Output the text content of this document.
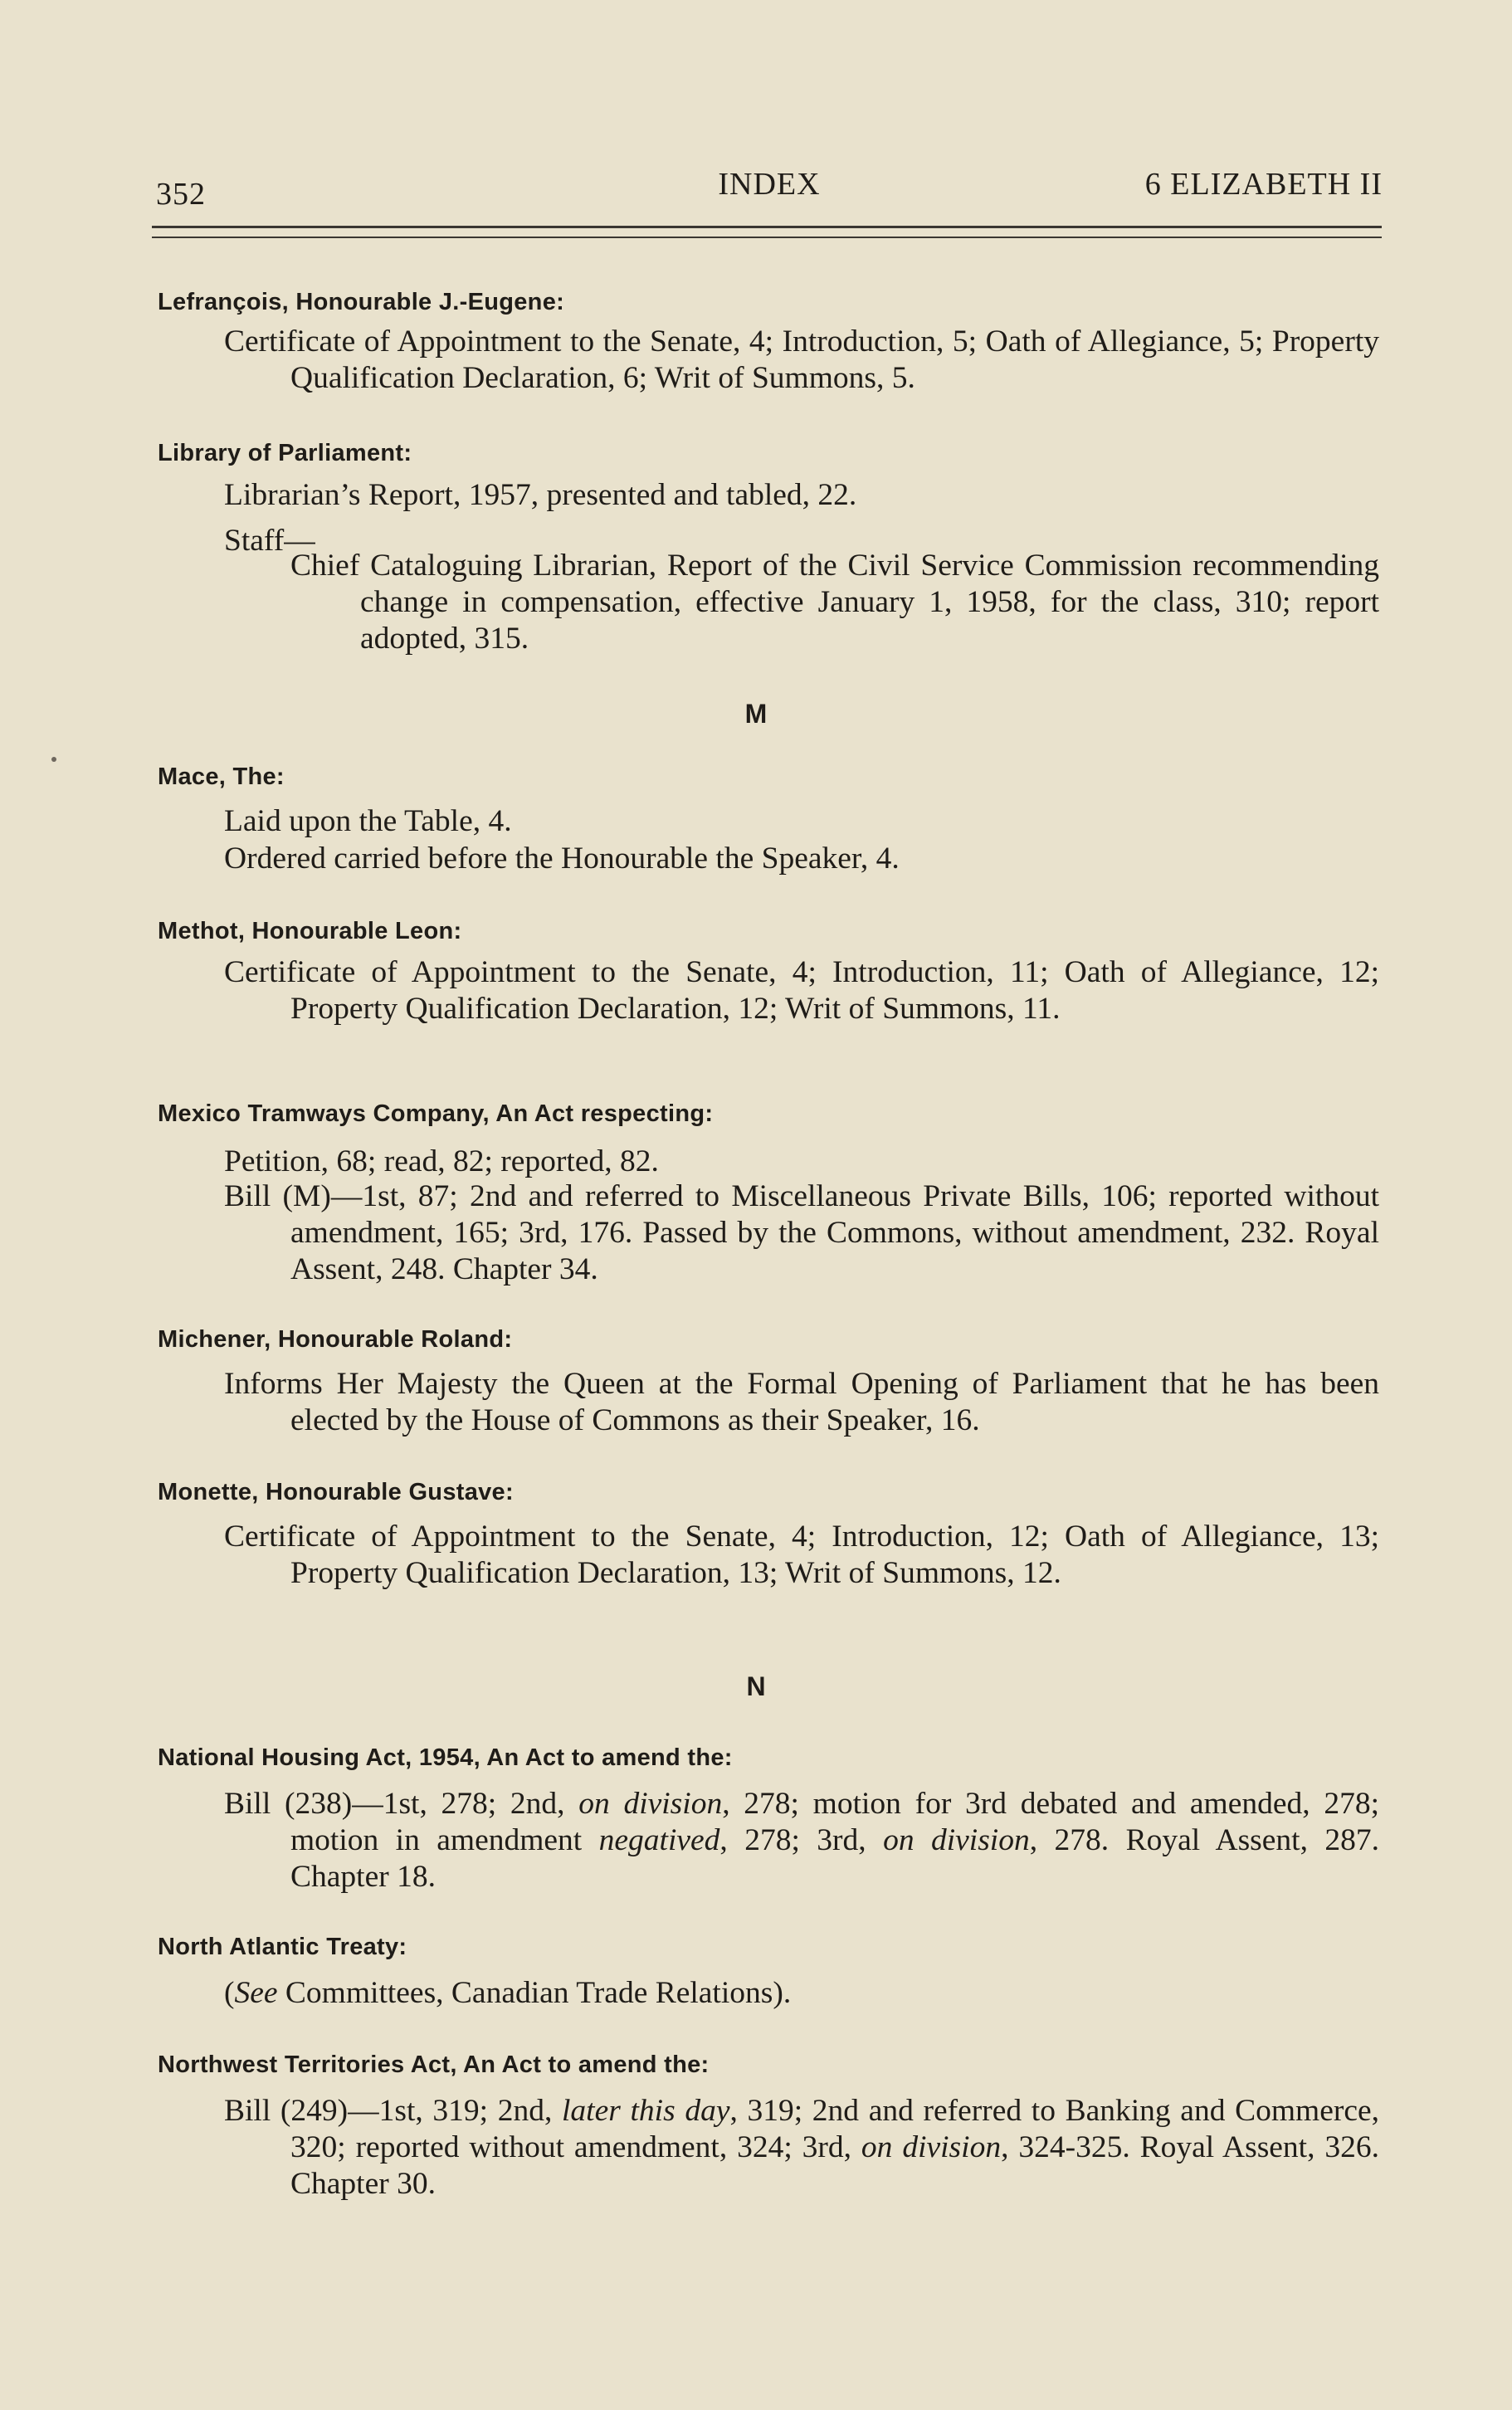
352	INDEX	6 ELIZABETH II
Lefrançois, Honourable J.-Eugene:
Certificate of Appointment to the Senate, 4; Introduction, 5; Oath of Allegiance, 5; Property Qualification Declaration, 6; Writ of Summons, 5.
Library of Parliament:
Librarian’s Report, 1957, presented and tabled, 22.
Staff—
Chief Cataloguing Librarian, Report of the Civil Service Commission recommending change in compensation, effective January 1, 1958, for the class, 310; report adopted, 315.
M
Mace, The:
Laid upon the Table, 4.
Ordered carried before the Honourable the Speaker, 4.
Methot, Honourable Leon:
Certificate of Appointment to the Senate, 4; Introduction, 11; Oath of Allegiance, 12; Property Qualification Declaration, 12; Writ of Summons, 11.
Mexico Tramways Company, An Act respecting:
Petition, 68; read, 82; reported, 82.
Bill (M)—1st, 87; 2nd and referred to Miscellaneous Private Bills, 106; reported without amendment, 165; 3rd, 176. Passed by the Commons, without amendment, 232. Royal Assent, 248. Chapter 34.
Michener, Honourable Roland:
Informs Her Majesty the Queen at the Formal Opening of Parliament that he has been elected by the House of Commons as their Speaker, 16.
Monette, Honourable Gustave:
Certificate of Appointment to the Senate, 4; Introduction, 12; Oath of Allegiance, 13; Property Qualification Declaration, 13; Writ of Summons, 12.
N
National Housing Act, 1954, An Act to amend the:
Bill (238)—1st, 278; 2nd, on division, 278; motion for 3rd debated and amended, 278; motion in amendment negatived, 278; 3rd, on division, 278. Royal Assent, 287. Chapter 18.
North Atlantic Treaty:
(See Committees, Canadian Trade Relations).
Northwest Territories Act, An Act to amend the:
Bill (249)—1st, 319; 2nd, later this day, 319; 2nd and referred to Banking and Commerce, 320; reported without amendment, 324; 3rd, on division, 324-325. Royal Assent, 326. Chapter 30.
